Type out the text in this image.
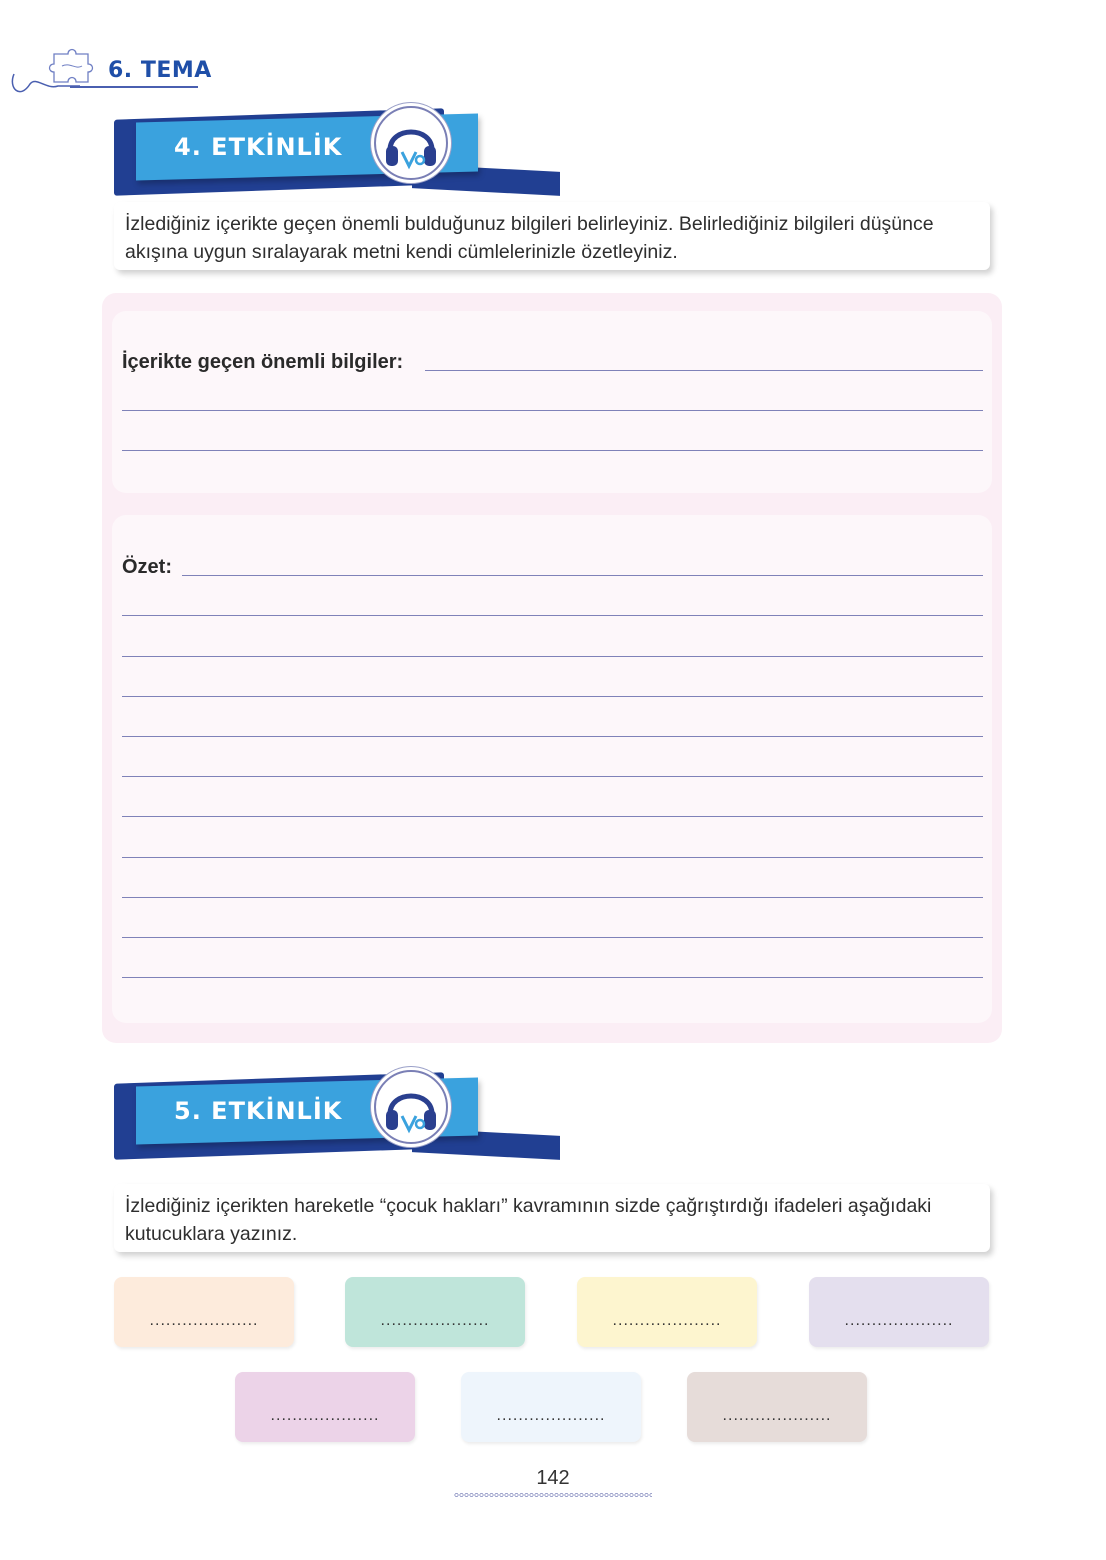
6. TEMA
4. ETKİNLİK
İzlediğiniz içerikte geçen önemli bulduğunuz bilgileri belirleyiniz. Belirlediğiniz bilgileri düşünce akışına uygun sıralayarak metni kendi cümlelerinizle özetleyiniz.
İçerikte geçen önemli bilgiler:
Özet:
5. ETKİNLİK
İzlediğiniz içerikten hareketle “çocuk hakları” kavramının sizde çağrıştırdığı ifadeleri aşağıdaki kutucuklara yazınız.
....................	....................	....................	....................
....................	....................	....................
142
